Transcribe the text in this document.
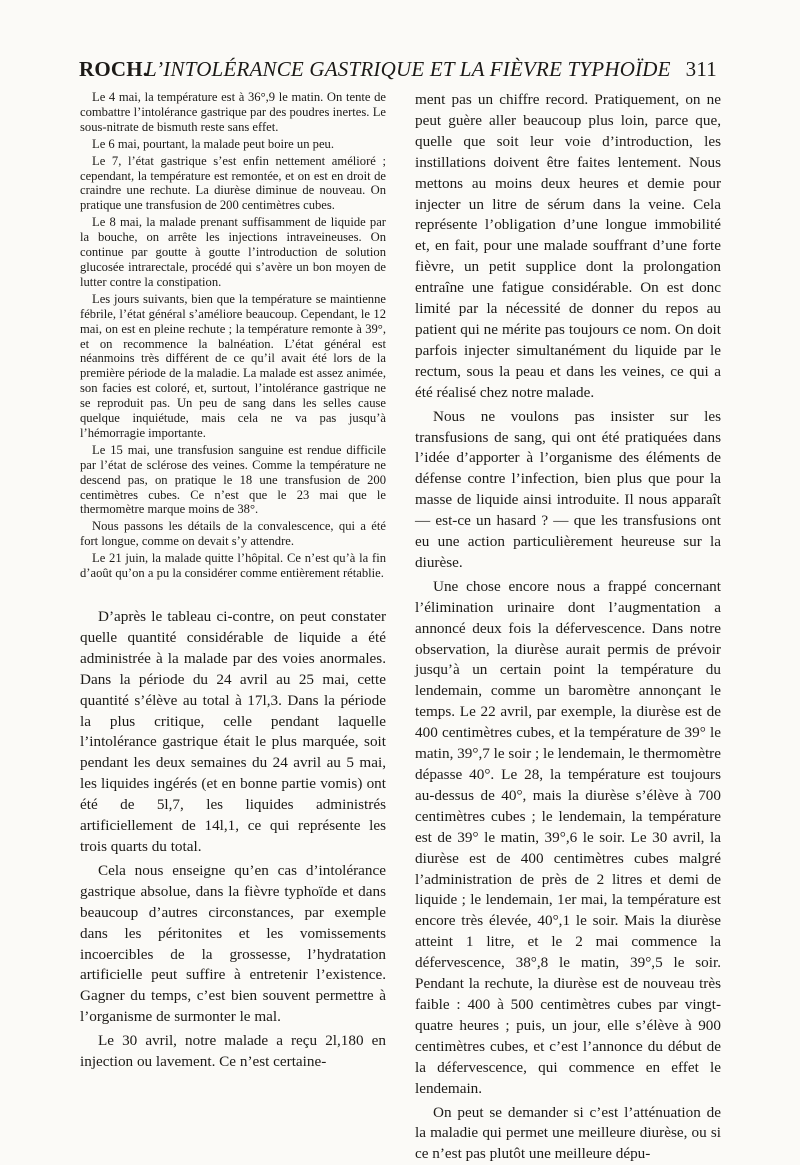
ROCH.
L’INTOLÉRANCE GASTRIQUE ET LA FIÈVRE TYPHOÏDE 311

Le 4 mai, la température est à 36°,9 le matin. On tente de combattre l’intolérance gastrique par des poudres inertes. Le sous-nitrate de bismuth reste sans effet.

Le 6 mai, pourtant, la malade peut boire un peu.

Le 7, l’état gastrique s’est enfin nettement amélioré ; cependant, la température est remontée, et on est en droit de craindre une rechute. La diurèse diminue de nouveau. On pratique une transfusion de 200 centimètres cubes.

Le 8 mai, la malade prenant suffisamment de liquide par la bouche, on arrête les injections intraveineuses. On continue par goutte à goutte l’introduction de solution glucosée intrarectale, procédé qui s’avère un bon moyen de lutter contre la constipation.

Les jours suivants, bien que la température se maintienne fébrile, l’état général s’améliore beaucoup. Cependant, le 12 mai, on est en pleine rechute ; la température remonte à 39°, et on recommence la balnéation. L’état général est néanmoins très différent de ce qu’il avait été lors de la première période de la maladie. La malade est assez animée, son facies est coloré, et, surtout, l’intolérance gastrique ne se reproduit pas. Un peu de sang dans les selles cause quelque inquiétude, mais cela ne va pas jusqu’à l’hémorragie importante.

Le 15 mai, une transfusion sanguine est rendue difficile par l’état de sclérose des veines. Comme la température ne descend pas, on pratique le 18 une transfusion de 200 centimètres cubes. Ce n’est que le 23 mai que le thermomètre marque moins de 38°.

Nous passons les détails de la convalescence, qui a été fort longue, comme on devait s’y attendre.

Le 21 juin, la malade quitte l’hôpital. Ce n’est qu’à la fin d’août qu’on a pu la considérer comme entièrement rétablie.

D’après le tableau ci-contre, on peut constater quelle quantité considérable de liquide a été administrée à la malade par des voies anormales. Dans la période du 24 avril au 25 mai, cette quantité s’élève au total à 17l,3. Dans la période la plus critique, celle pendant laquelle l’intolérance gastrique était le plus marquée, soit pendant les deux semaines du 24 avril au 5 mai, les liquides ingérés (et en bonne partie vomis) ont été de 5l,7, les liquides administrés artificiellement de 14l,1, ce qui représente les trois quarts du total.

Cela nous enseigne qu’en cas d’intolérance gastrique absolue, dans la fièvre typhoïde et dans beaucoup d’autres circonstances, par exemple dans les péritonites et les vomissements incoercibles de la grossesse, l’hydratation artificielle peut suffire à entretenir l’existence. Gagner du temps, c’est bien souvent permettre à l’organisme de surmonter le mal.

Le 30 avril, notre malade a reçu 2l,180 en injection ou lavement. Ce n’est certaine-

ment pas un chiffre record. Pratiquement, on ne peut guère aller beaucoup plus loin, parce que, quelle que soit leur voie d’introduction, les instillations doivent être faites lentement. Nous mettons au moins deux heures et demie pour injecter un litre de sérum dans la veine. Cela représente l’obligation d’une longue immobilité et, en fait, pour une malade souffrant d’une forte fièvre, un petit supplice dont la prolongation entraîne une fatigue considérable. On est donc limité par la nécessité de donner du repos au patient qui ne mérite pas toujours ce nom. On doit parfois injecter simultanément du liquide par le rectum, sous la peau et dans les veines, ce qui a été réalisé chez notre malade.

Nous ne voulons pas insister sur les transfusions de sang, qui ont été pratiquées dans l’idée d’apporter à l’organisme des éléments de défense contre l’infection, bien plus que pour la masse de liquide ainsi introduite. Il nous apparaît — est-ce un hasard ? — que les transfusions ont eu une action particulièrement heureuse sur la diurèse.

Une chose encore nous a frappé concernant l’élimination urinaire dont l’augmentation a annoncé deux fois la défervescence. Dans notre observation, la diurèse aurait permis de prévoir jusqu’à un certain point la température du lendemain, comme un baromètre annonçant le temps. Le 22 avril, par exemple, la diurèse est de 400 centimètres cubes, et la température de 39° le matin, 39°,7 le soir ; le lendemain, le thermomètre dépasse 40°. Le 28, la température est toujours au-dessus de 40°, mais la diurèse s’élève à 700 centimètres cubes ; le lendemain, la température est de 39° le matin, 39°,6 le soir. Le 30 avril, la diurèse est de 400 centimètres cubes malgré l’administration de près de 2 litres et demi de liquide ; le lendemain, 1er mai, la température est encore très élevée, 40°,1 le soir. Mais la diurèse atteint 1 litre, et le 2 mai commence la défervescence, 38°,8 le matin, 39°,5 le soir. Pendant la rechute, la diurèse est de nouveau très faible : 400 à 500 centimètres cubes par vingt-quatre heures ; puis, un jour, elle s’élève à 900 centimètres cubes, et c’est l’annonce du début de la défervescence, qui commence en effet le lendemain.

On peut se demander si c’est l’atténuation de la maladie qui permet une meilleure diurèse, ou si ce n’est pas plutôt une meilleure dépu-
